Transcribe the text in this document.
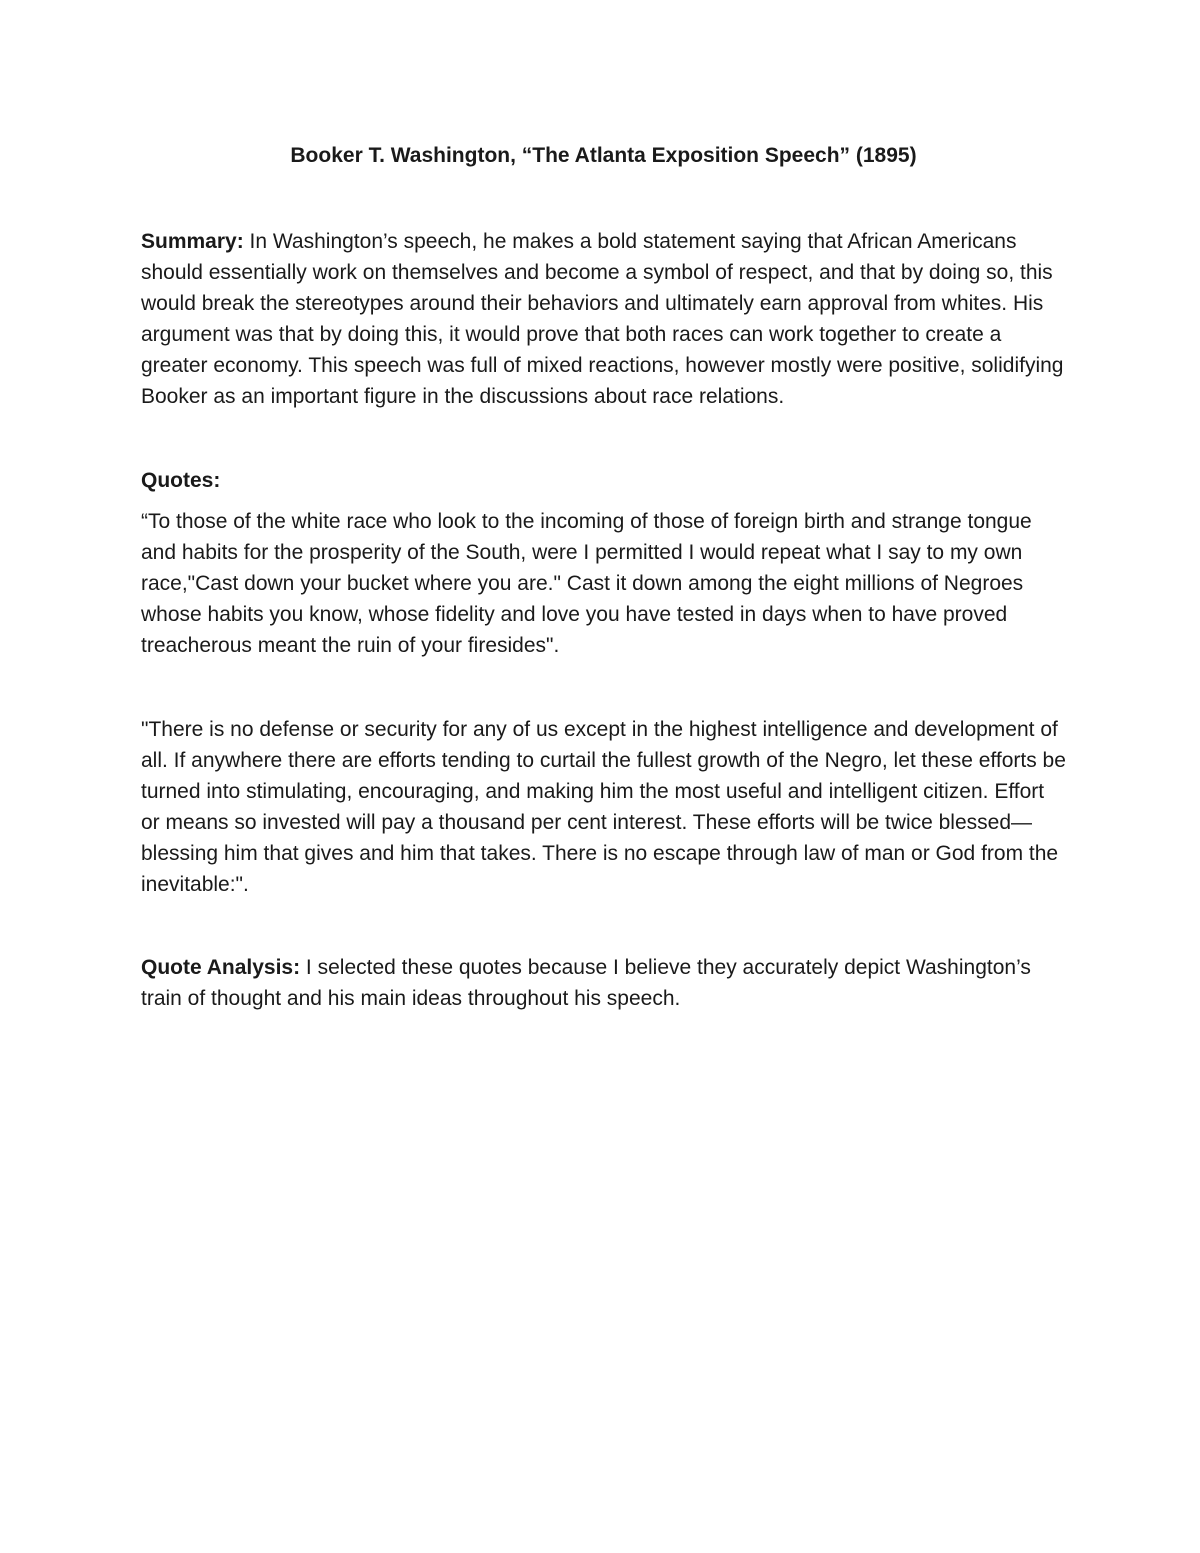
Booker T. Washington, “The Atlanta Exposition Speech” (1895)

Summary: In Washington’s speech, he makes a bold statement saying that African Americans should essentially work on themselves and become a symbol of respect, and that by doing so, this would break the stereotypes around their behaviors and ultimately earn approval from whites. His argument was that by doing this, it would prove that both races can work together to create a greater economy. This speech was full of mixed reactions, however mostly were positive, solidifying Booker as an important figure in the discussions about race relations.

Quotes:

“To those of the white race who look to the incoming of those of foreign birth and strange tongue and habits for the prosperity of the South, were I permitted I would repeat what I say to my own race,"Cast down your bucket where you are." Cast it down among the eight millions of Negroes whose habits you know, whose fidelity and love you have tested in days when to have proved treacherous meant the ruin of your firesides".

"There is no defense or security for any of us except in the highest intelligence and development of all. If anywhere there are efforts tending to curtail the fullest growth of the Negro, let these efforts be turned into stimulating, encouraging, and making him the most useful and intelligent citizen. Effort or means so invested will pay a thousand per cent interest. These efforts will be twice blessed—blessing him that gives and him that takes. There is no escape through law of man or God from the inevitable:".

Quote Analysis: I selected these quotes because I believe they accurately depict Washington’s train of thought and his main ideas throughout his speech.
